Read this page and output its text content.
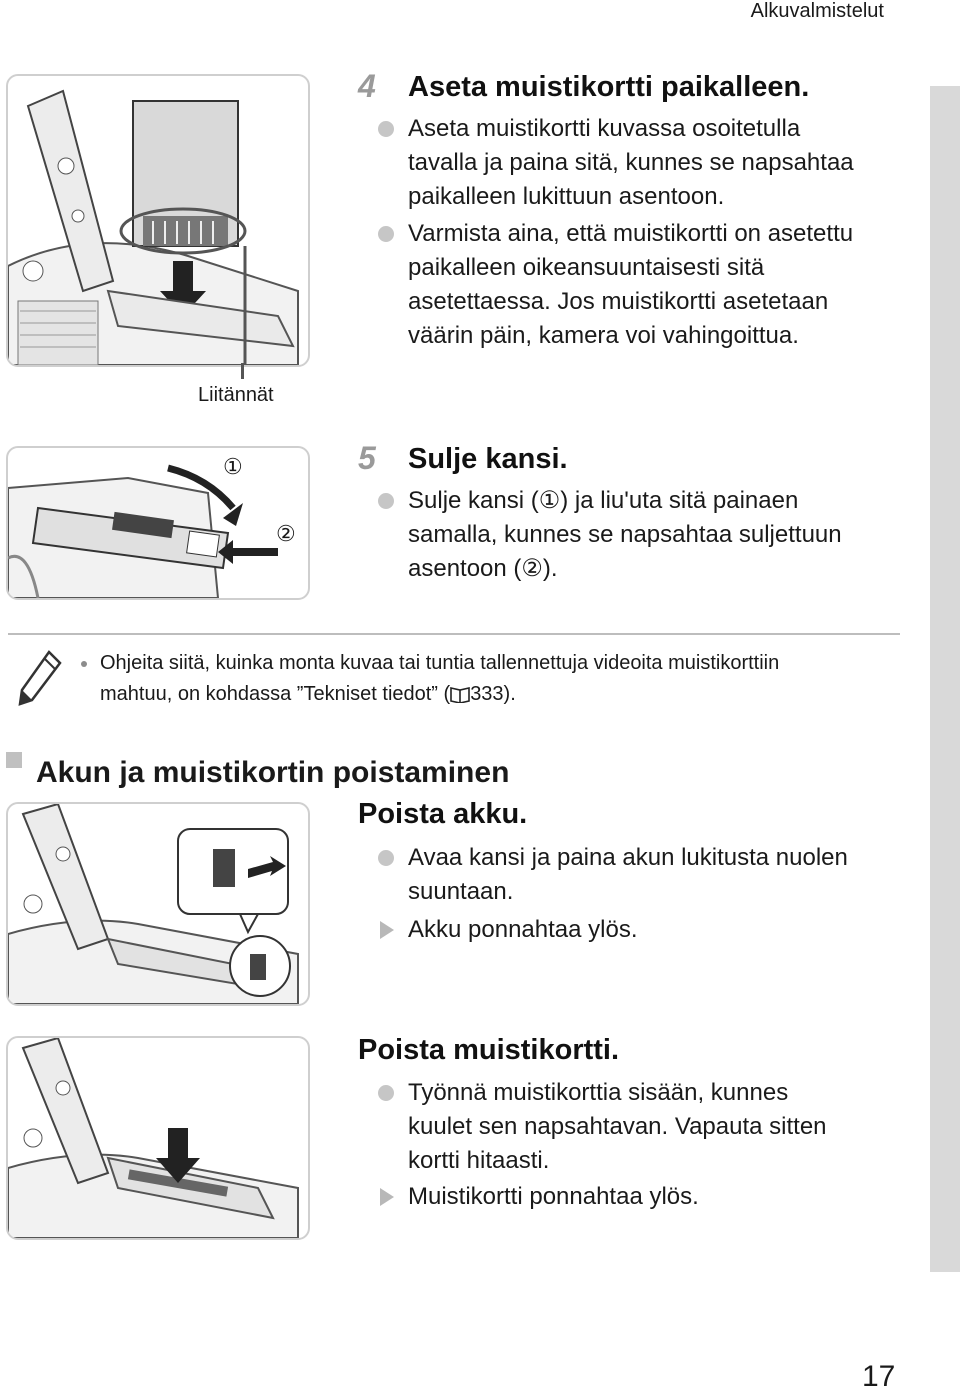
Alkuvalmistelut
Liitännät
4 Aseta muistikortti paikalleen.
Aseta muistikortti kuvassa osoitetulla
tavalla ja paina sitä, kunnes se napsahtaa
paikalleen lukittuun asentoon.
Varmista aina, että muistikortti on asetettu
paikalleen oikeansuuntaisesti sitä
asetettaessa. Jos muistikortti asetetaan
väärin päin, kamera voi vahingoittua.
①
②
5 Sulje kansi.
Sulje kansi (①) ja liu'uta sitä painaen
samalla, kunnes se napsahtaa suljettuun
asentoon (②).
Ohjeita siitä, kuinka monta kuvaa tai tuntia tallennettuja videoita muistikorttiin
mahtuu, on kohdassa ”Tekniset tiedot” ( 333).
Akun ja muistikortin poistaminen
Poista akku.
Avaa kansi ja paina akun lukitusta nuolen
suuntaan.
Akku ponnahtaa ylös.
Poista muistikortti.
Työnnä muistikorttia sisään, kunnes
kuulet sen napsahtavan. Vapauta sitten
kortti hitaasti.
Muistikortti ponnahtaa ylös.
17
